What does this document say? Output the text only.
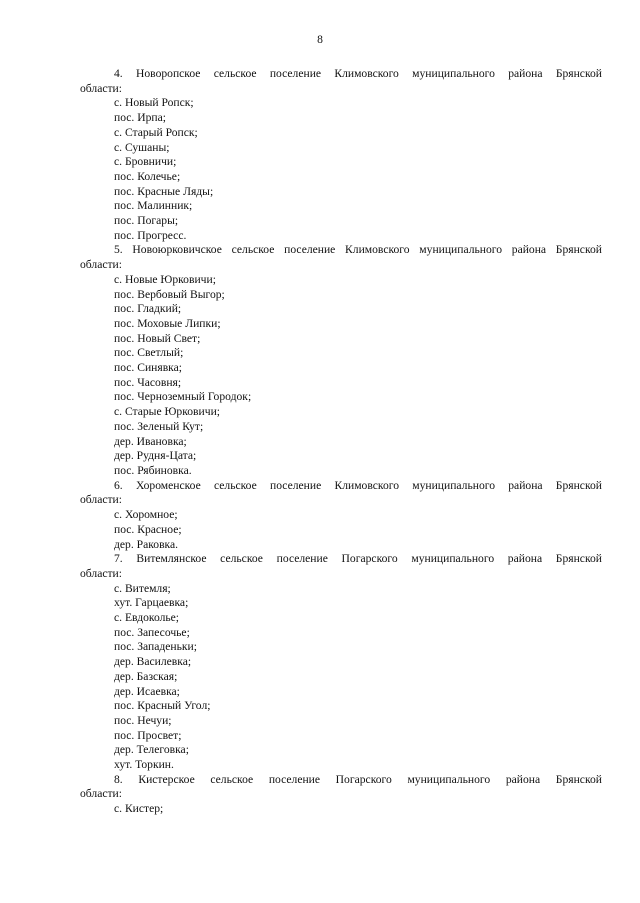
8

4. Новоропское сельское поселение Климовского муниципального района Брянской
области:

с. Новый Ропск;

пос. Ирпа;

с. Старый Ропск;

с. Сушаны;

с. Бровничи;

пос. Колечье;

пос. Красные Ляды;

пос. Малинник;

пос. Погары;

пос. Прогресс.

5. Новоюрковичское сельское поселение Климовского муниципального района Брянской
области:

с. Новые Юрковичи;

пос. Вербовый Выгор;

пос. Гладкий;

пос. Моховые Липки;

пос. Новый Свет;

пос. Светлый;

пос. Синявка;

пос. Часовня;

пос. Черноземный Городок;

с. Старые Юрковичи;

пос. Зеленый Кут;

дер. Ивановка;

дер. Рудня-Цата;

пос. Рябиновка.

6. Хороменское сельское поселение Климовского муниципального района Брянской
области:

с. Хоромное;

пос. Красное;

дер. Раковка.

7. Витемлянское сельское поселение Погарского муниципального района Брянской
области:

с. Витемля;

хут. Гарцаевка;

с. Евдоколье;

пос. Запесочье;

пос. Западеньки;

дер. Василевка;

дер. Базская;

дер. Исаевка;

пос. Красный Угол;

пос. Нечуи;

пос. Просвет;

дер. Телеговка;

хут. Торкин.

8. Кистерское сельское поселение Погарского муниципального района Брянской
области:

с. Кистер;
